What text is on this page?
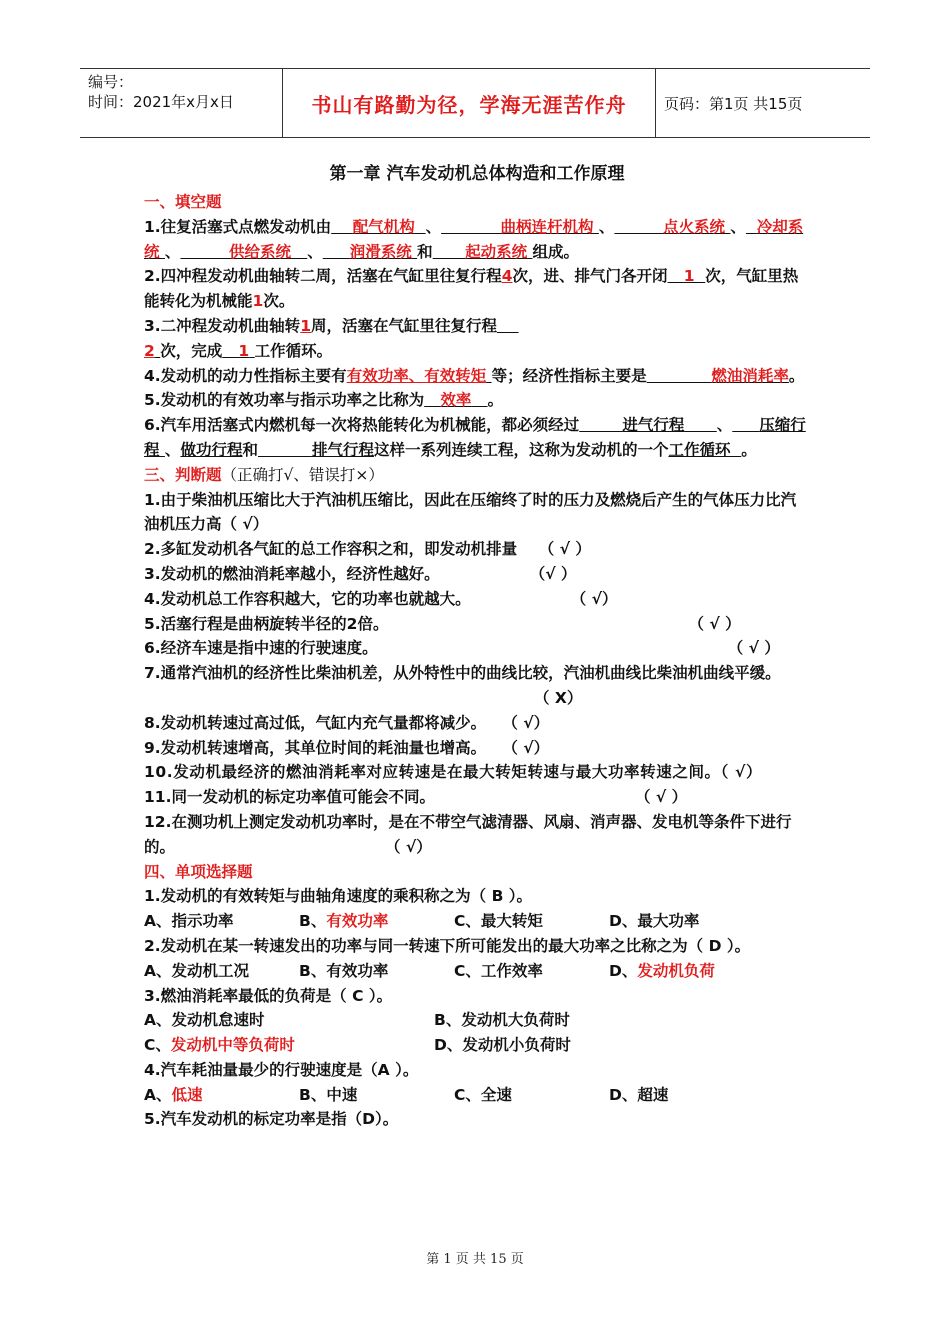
编号：
时间：2021年x月x日	书山有路勤为径，学海无涯苦作舟	页码：第1页 共15页

第一章 汽车发动机总体构造和工作原理

一、填空题

1.往复活塞式点燃发动机由 配气机构 、	曲柄连杆机构 、	点火系统 、 冷却系统 、	供给系统 、 润滑系统 和 起动系统 组成。

2.四冲程发动机曲轴转二周，活塞在气缸里往复行程4次，进、排气门各开闭 1 次，气缸里热能转化为机械能1次。

3.二冲程发动机曲轴转1周，活塞在气缸里往复行程
2 次，完成 1 工作循环。

4.发动机的动力性指标主要有有效功率、有效转矩 等；经济性指标主要是	燃油消耗率。

5.发动机的有效功率与指示功率之比称为 效率 。

6.汽车用活塞式内燃机每一次将热能转化为机械能，都必须经过	进气行程 、 压缩行程 、做功行程和	排气行程这样一系列连续工程，这称为发动机的一个工作循环 。

三、判断题（正确打√、错误打×）

1.由于柴油机压缩比大于汽油机压缩比，因此在压缩终了时的压力及燃烧后产生的气体压力比汽油机压力高（ √）

2.多缸发动机各气缸的总工作容积之和，即发动机排量 （ √ ）

3.发动机的燃油消耗率越小，经济性越好。	（√ ）

4.发动机总工作容积越大，它的功率也就越大。	（ √）

5.活塞行程是曲柄旋转半径的2倍。	（ √ ）

6.经济车速是指中速的行驶速度。	（ √ ）

7.通常汽油机的经济性比柴油机差，从外特性中的曲线比较，汽油机曲线比柴油机曲线平缓。（ X）

8.发动机转速过高过低，气缸内充气量都将减少。 （ √）

9.发动机转速增高，其单位时间的耗油量也增高。 （ √）

10.发动机最经济的燃油消耗率对应转速是在最大转矩转速与最大功率转速之间。（ √）

11.同一发动机的标定功率值可能会不同。	（ √ ）

12.在测功机上测定发动机功率时，是在不带空气滤清器、风扇、消声器、发电机等条件下进行的。	（ √）

四、单项选择题

1.发动机的有效转矩与曲轴角速度的乘积称之为（ B ）。

A、指示功率	B、有效功率	C、最大转矩	D、最大功率

2.发动机在某一转速发出的功率与同一转速下所可能发出的最大功率之比称之为（ D ）。

A、发动机工况	B、有效功率	C、工作效率	D、发动机负荷

3.燃油消耗率最低的负荷是（ C ）。

A、发动机怠速时	B、发动机大负荷时
C、发动机中等负荷时	D、发动机小负荷时

4.汽车耗油量最少的行驶速度是（A ）。

A、低速	B、中速	C、全速	D、超速

5.汽车发动机的标定功率是指（D）。

第 1 页 共 15 页
